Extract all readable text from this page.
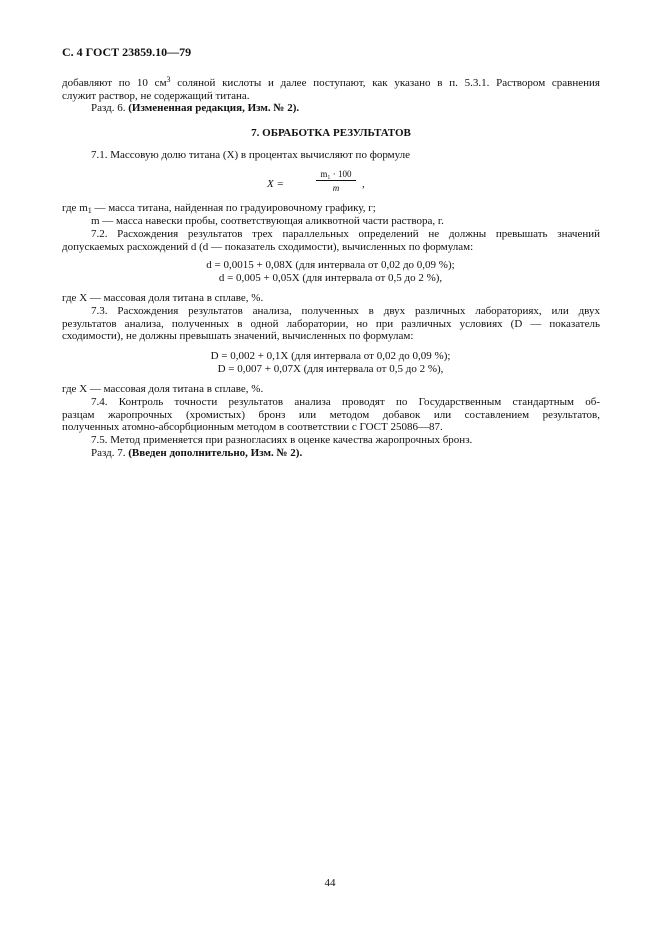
С. 4 ГОСТ 23859.10—79
добавляют по 10 $см^3$ соляной кислоты и далее поступают, как указано в п. 5.3.1. Раствором сравнения
служит раствор, не содержащий титана.
Разд. 6. (Измененная редакция, Изм. № 2).
7. ОБРАБОТКА РЕЗУЛЬТАТОВ
7.1. Массовую долю титана (X) в процентах вычисляют по формуле
X =
m₁ · 100
m	,
где $m_1$ — масса титана, найденная по градуировочному графику, г;
m — масса навески пробы, соответствующая аликвотной части раствора, г.
7.2. Расхождения результатов трех параллельных определений не должны превышать значений
допускаемых расхождений d (d — показатель сходимости), вычисленных по формулам:
d = 0,0015 + 0,08X (для интервала от 0,02 до 0,09 %);
d = 0,005 + 0,05X (для интервала от 0,5 до 2 %),
где X — массовая доля титана в сплаве, %.
7.3. Расхождения результатов анализа, полученных в двух различных лабораториях, или двух
результатов анализа, полученных в одной лаборатории, но при различных условиях (D — показатель
сходимости), не должны превышать значений, вычисленных по формулам:
D = 0,002 + 0,1X (для интервала от 0,02 до 0,09 %);
D = 0,007 + 0,07X (для интервала от 0,5 до 2 %),
где X — массовая доля титана в сплаве, %.
7.4. Контроль точности результатов анализа проводят по Государственным стандартным об-
разцам жаропрочных (хромистых) бронз или методом добавок или составлением результатов,
полученных атомно-абсорбционным методом в соответствии с ГОСТ 25086—87.
7.5. Метод применяется при разногласиях в оценке качества жаропрочных бронз.
Разд. 7. (Введен дополнительно, Изм. № 2).
44
